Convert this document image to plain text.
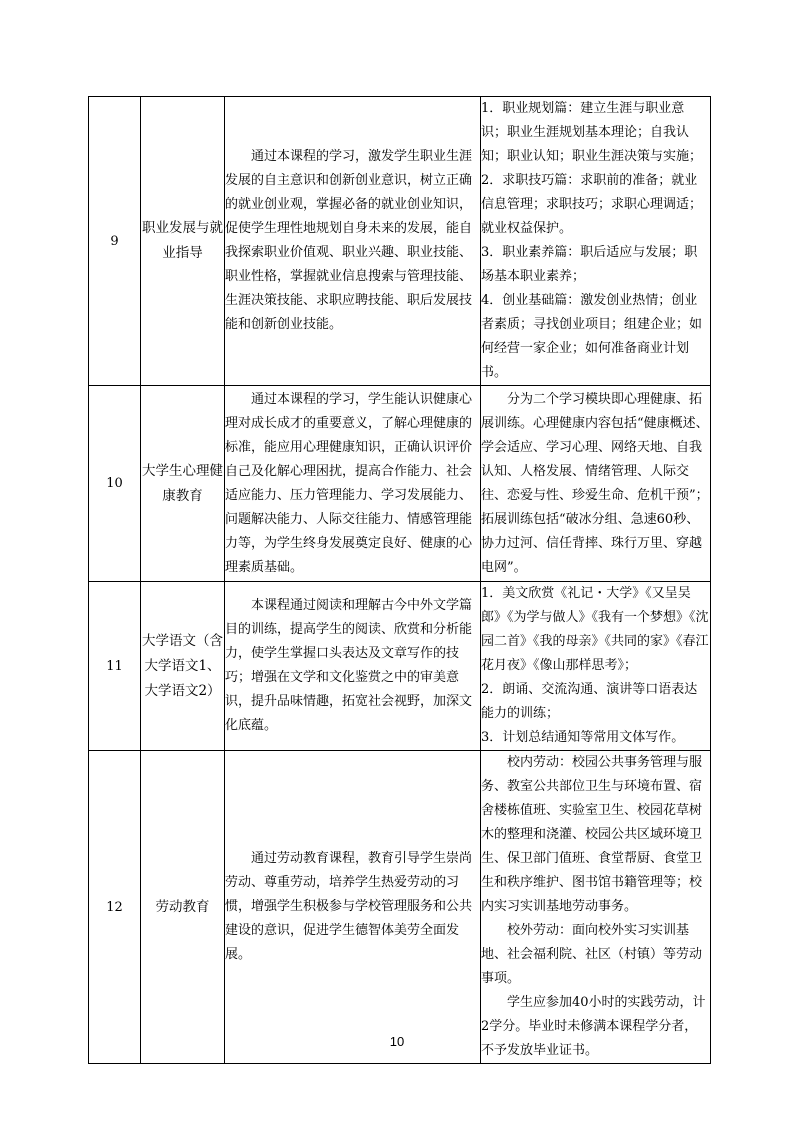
9	职业发展与就业指导	通过本课程的学习，激发学生职业生涯发展的自主意识和创新创业意识，树立正确的就业创业观，掌握必备的就业创业知识，促使学生理性地规划自身未来的发展，能自我探索职业价值观、职业兴趣、职业技能、职业性格，掌握就业信息搜索与管理技能、生涯决策技能、求职应聘技能、职后发展技能和创新创业技能。	1．职业规划篇：建立生涯与职业意识；职业生涯规划基本理论；自我认知；职业认知；职业生涯决策与实施；
2．求职技巧篇：求职前的准备；就业信息管理；求职技巧；求职心理调适；就业权益保护。
3．职业素养篇：职后适应与发展；职场基本职业素养；
4．创业基础篇：激发创业热情；创业者素质；寻找创业项目；组建企业；如何经营一家企业；如何准备商业计划书。

10	大学生心理健康教育	通过本课程的学习，学生能认识健康心理对成长成才的重要意义，了解心理健康的标准，能应用心理健康知识，正确认识评价自己及化解心理困扰，提高合作能力、社会适应能力、压力管理能力、学习发展能力、问题解决能力、人际交往能力、情感管理能力等，为学生终身发展奠定良好、健康的心理素质基础。	分为二个学习模块即心理健康、拓展训练。心理健康内容包括“健康概述、学会适应、学习心理、网络天地、自我认知、人格发展、情绪管理、人际交往、恋爱与性、珍爱生命、危机干预”；拓展训练包括“破冰分组、急速60秒、协力过河、信任背摔、珠行万里、穿越电网”。

11	大学语文（含大学语文1、大学语文2）	本课程通过阅读和理解古今中外文学篇目的训练，提高学生的阅读、欣赏和分析能力，使学生掌握口头表达及文章写作的技巧；增强在文学和文化鉴赏之中的审美意识，提升品味情趣，拓宽社会视野，加深文化底蕴。	1．美文欣赏《礼记・大学》《又呈吴郎》《为学与做人》《我有一个梦想》《沈园二首》《我的母亲》《共同的家》《春江花月夜》《像山那样思考》；
2．朗诵、交流沟通、演讲等口语表达能力的训练；
3．计划总结通知等常用文体写作。

12	劳动教育	通过劳动教育课程，教育引导学生崇尚劳动、尊重劳动，培养学生热爱劳动的习惯，增强学生积极参与学校管理服务和公共建设的意识，促进学生德智体美劳全面发展。	校内劳动：校园公共事务管理与服务、教室公共部位卫生与环境布置、宿舍楼栋值班、实验室卫生、校园花草树木的整理和浇灌、校园公共区域环境卫生、保卫部门值班、食堂帮厨、食堂卫生和秩序维护、图书馆书籍管理等；校内实习实训基地劳动事务。
校外劳动：面向校外实习实训基地、社会福利院、社区（村镇）等劳动事项。
学生应参加40小时的实践劳动，计2学分。毕业时未修满本课程学分者，不予发放毕业证书。
10
